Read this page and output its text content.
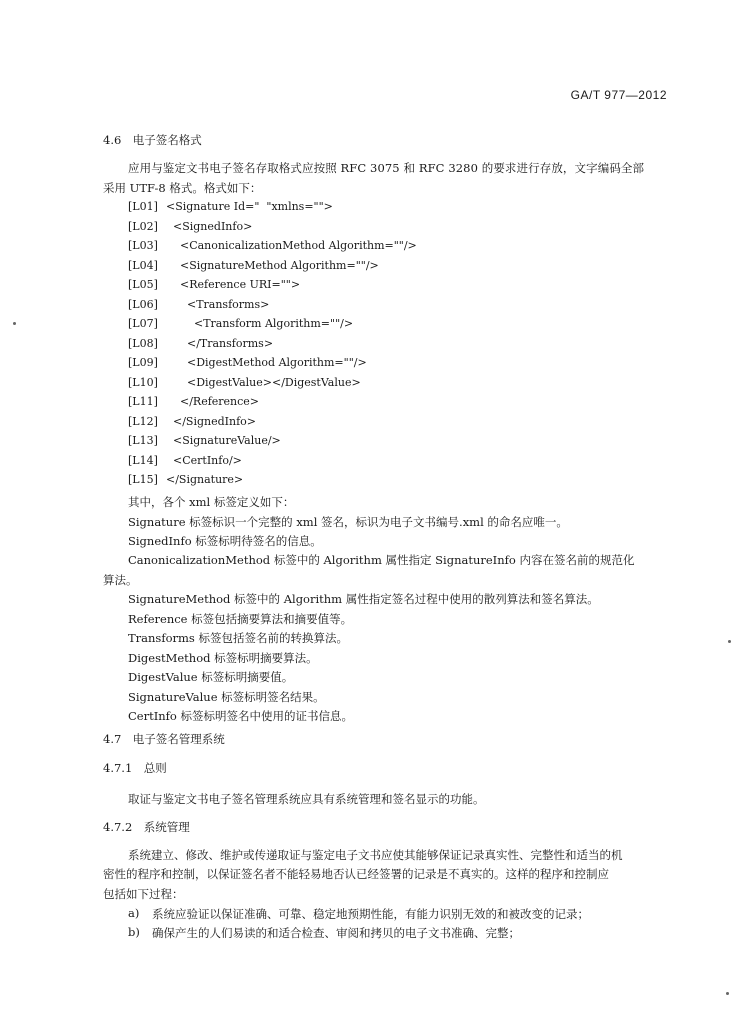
GA/T 977—2012
4.6　电子签名格式
应用与鉴定文书电子签名存取格式应按照 RFC 3075 和 RFC 3280 的要求进行存放，文字编码全部
采用 UTF-8 格式。格式如下：
[L01] <Signature Id="  "xmlns="">
[L02]  <SignedInfo>
[L03]    <CanonicalizationMethod Algorithm=""/>
[L04]    <SignatureMethod Algorithm=""/>
[L05]    <Reference URI="">
[L06]      <Transforms>
[L07]        <Transform Algorithm=""/>
[L08]      </Transforms>
[L09]      <DigestMethod Algorithm=""/>
[L10]      <DigestValue></DigestValue>
[L11]    </Reference>
[L12]  </SignedInfo>
[L13]  <SignatureValue/>
[L14]  <CertInfo/>
[L15] </Signature>
其中，各个 xml 标签定义如下：
Signature 标签标识一个完整的 xml 签名，标识为电子文书编号.xml 的命名应唯一。
SignedInfo 标签标明待签名的信息。
CanonicalizationMethod 标签中的 Algorithm 属性指定 SignatureInfo 内容在签名前的规范化
算法。
SignatureMethod 标签中的 Algorithm 属性指定签名过程中使用的散列算法和签名算法。
Reference 标签包括摘要算法和摘要值等。
Transforms 标签包括签名前的转换算法。
DigestMethod 标签标明摘要算法。
DigestValue 标签标明摘要值。
SignatureValue 标签标明签名结果。
CertInfo 标签标明签名中使用的证书信息。
4.7　电子签名管理系统
4.7.1　总则
取证与鉴定文书电子签名管理系统应具有系统管理和签名显示的功能。
4.7.2　系统管理
系统建立、修改、维护或传递取证与鉴定电子文书应使其能够保证记录真实性、完整性和适当的机
密性的程序和控制，以保证签名者不能轻易地否认已经签署的记录是不真实的。这样的程序和控制应
包括如下过程：
a) 系统应验证以保证准确、可靠、稳定地预期性能，有能力识别无效的和被改变的记录；
b) 确保产生的人们易读的和适合检查、审阅和拷贝的电子文书准确、完整；
